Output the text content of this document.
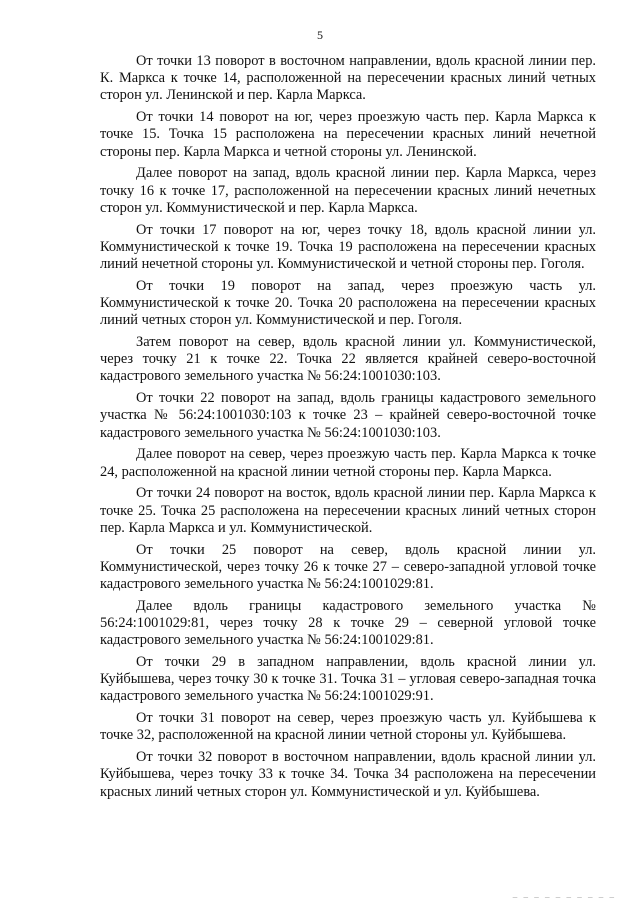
5

От точки 13 поворот в восточном направлении, вдоль красной линии пер. К. Маркса к точке 14, расположенной на пересечении красных линий четных сторон ул. Ленинской и пер. Карла Маркса.

От точки 14 поворот на юг, через проезжую часть пер. Карла Маркса к точке 15. Точка 15 расположена на пересечении красных линий нечетной стороны пер. Карла Маркса и четной стороны ул. Ленинской.

Далее поворот на запад, вдоль красной линии пер. Карла Маркса, через точку 16 к точке 17, расположенной на пересечении красных линий нечетных сторон ул. Коммунистической и пер. Карла Маркса.

От точки 17 поворот на юг, через точку 18, вдоль красной линии ул. Коммунистической к точке 19. Точка 19 расположена на пересечении красных линий нечетной стороны ул. Коммунистической и четной стороны пер. Гоголя.

От точки 19 поворот на запад, через проезжую часть ул. Коммунистической к точке 20. Точка 20 расположена на пересечении красных линий четных сторон ул. Коммунистической и пер. Гоголя.

Затем поворот на север, вдоль красной линии ул. Коммунистической, через точку 21 к точке 22. Точка 22 является крайней северо-восточной кадастрового земельного участка № 56:24:1001030:103.

От точки 22 поворот на запад, вдоль границы кадастрового земельного участка № 56:24:1001030:103 к точке 23 – крайней северо-восточной точке кадастрового земельного участка № 56:24:1001030:103.

Далее поворот на север, через проезжую часть пер. Карла Маркса к точке 24, расположенной на красной линии четной стороны пер. Карла Маркса.

От точки 24 поворот на восток, вдоль красной линии пер. Карла Маркса к точке 25. Точка 25 расположена на пересечении красных линий четных сторон пер. Карла Маркса и ул. Коммунистической.

От точки 25 поворот на север, вдоль красной линии ул. Коммунистической, через точку 26 к точке 27 – северо-западной угловой точке кадастрового земельного участка № 56:24:1001029:81.

Далее вдоль границы кадастрового земельного участка № 56:24:1001029:81, через точку 28 к точке 29 – северной угловой точке кадастрового земельного участка № 56:24:1001029:81.

От точки 29 в западном направлении, вдоль красной линии ул. Куйбышева, через точку 30 к точке 31. Точка 31 – угловая северо-западная точка кадастрового земельного участка № 56:24:1001029:91.

От точки 31 поворот на север, через проезжую часть ул. Куйбышева к точке 32, расположенной на красной линии четной стороны ул. Куйбышева.

От точки 32 поворот в восточном направлении, вдоль красной линии ул. Куйбышева, через точку 33 к точке 34. Точка 34 расположена на пересечении красных линий четных сторон ул. Коммунистической и ул. Куйбышева.

_ _ _ _ _ _ _ _ _ _
